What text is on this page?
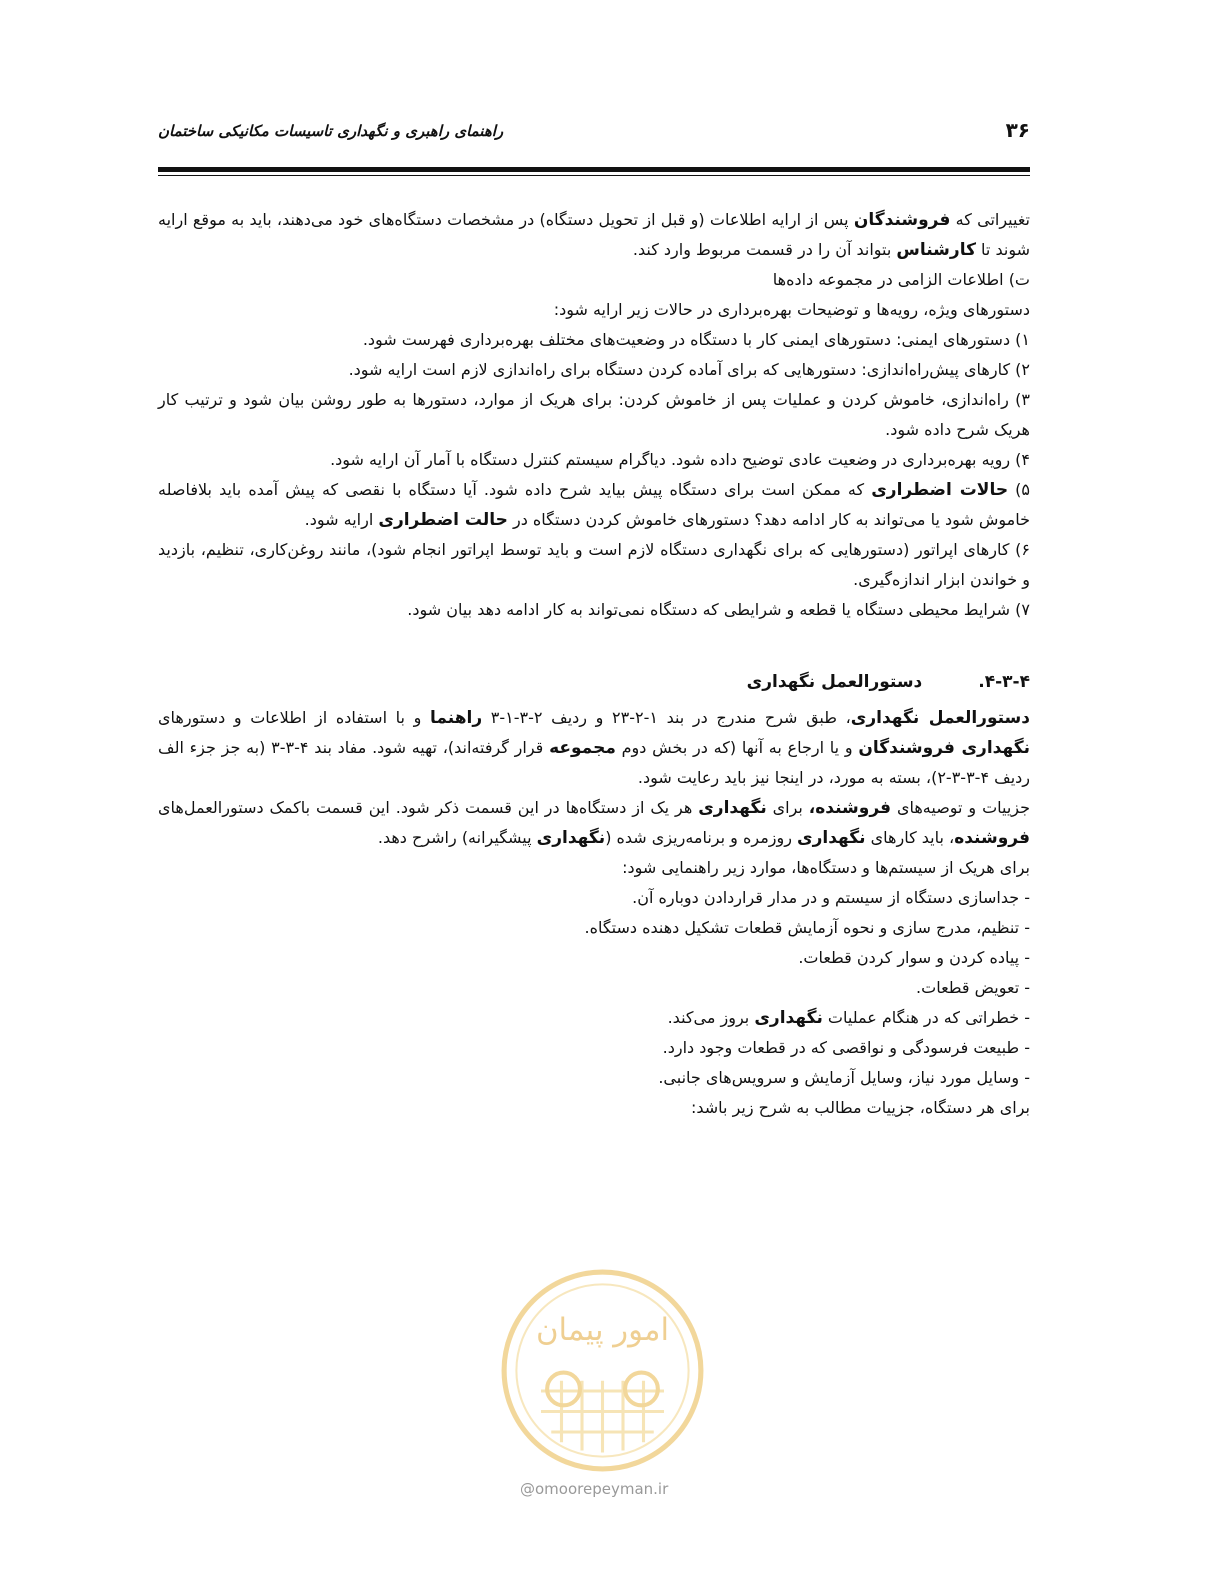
۳۶
راهنمای راهبری و نگهداری تاسیسات مکانیکی ساختمان

تغییراتی که فروشندگان پس از ارایه اطلاعات (و قبل از تحویل دستگاه) در مشخصات دستگاه‌های خود می‌دهند، باید به موقع ارایه شوند تا کارشناس بتواند آن را در قسمت مربوط وارد کند.

ت) اطلاعات الزامی در مجموعه داده‌ها

دستورهای ویژه، رویه‌ها و توضیحات بهره‌برداری در حالات زیر ارایه شود:

۱) دستورهای ایمنی: دستورهای ایمنی کار با دستگاه در وضعیت‌های مختلف بهره‌برداری فهرست شود.

۲) کارهای پیش‌راه‌اندازی: دستورهایی که برای آماده کردن دستگاه برای راه‌اندازی لازم است ارایه شود.

۳) راه‌اندازی، خاموش کردن و عملیات پس از خاموش کردن: برای هریک از موارد، دستورها به طور روشن بیان شود و ترتیب کار هریک شرح داده شود.

۴) رویه بهره‌برداری در وضعیت عادی توضیح داده شود. دیاگرام سیستم کنترل دستگاه با آمار آن ارایه شود.

۵) حالات اضطراری که ممکن است برای دستگاه پیش بیاید شرح داده شود. آیا دستگاه با نقصی که پیش آمده باید بلافاصله خاموش شود یا می‌تواند به کار ادامه دهد؟ دستورهای خاموش کردن دستگاه در حالت اضطراری ارایه شود.

۶) کارهای اپراتور (دستورهایی که برای نگهداری دستگاه لازم است و باید توسط اپراتور انجام شود)، مانند روغن‌کاری، تنظیم، بازدید و خواندن ابزار اندازه‌گیری.

۷) شرایط محیطی دستگاه یا قطعه و شرایطی که دستگاه نمی‌تواند به کار ادامه دهد بیان شود.

۴-۳-۴.
دستورالعمل نگهداری

دستورالعمل نگهداری، طبق شرح مندرج در بند ۱-۲-۲۳ و ردیف ۲-۳-۱-۳ راهنما و با استفاده از اطلاعات و دستورهای نگهداری فروشندگان و یا ارجاع به آنها (که در بخش دوم مجموعه قرار گرفته‌اند)، تهیه شود. مفاد بند ۴-۳-۳ (به جز جزء الف ردیف ۴-۳-۳-۲)، بسته به مورد، در اینجا نیز باید رعایت شود.

جزییات و توصیه‌های فروشنده، برای نگهداری هر یک از دستگاه‌ها در این قسمت ذکر شود. این قسمت باکمک دستورالعمل‌های فروشنده، باید کارهای نگهداری روزمره و برنامه‌ریزی شده (نگهداری پیشگیرانه) راشرح دهد.

برای هریک از سیستم‌ها و دستگاه‌ها، موارد زیر راهنمایی شود:

- جداسازی دستگاه از سیستم و در مدار قراردادن دوباره آن.

- تنظیم، مدرج سازی و نحوه آزمایش قطعات تشکیل دهنده دستگاه.

- پیاده کردن و سوار کردن قطعات.

- تعویض قطعات.

- خطراتی که در هنگام عملیات نگهداری بروز می‌کند.

- طبیعت فرسودگی و نواقصی که در قطعات وجود دارد.

- وسایل مورد نیاز، وسایل آزمایش و سرویس‌های جانبی.

برای هر دستگاه، جزییات مطالب به شرح زیر باشد:

امور پیمان
@omoorepeyman.ir
